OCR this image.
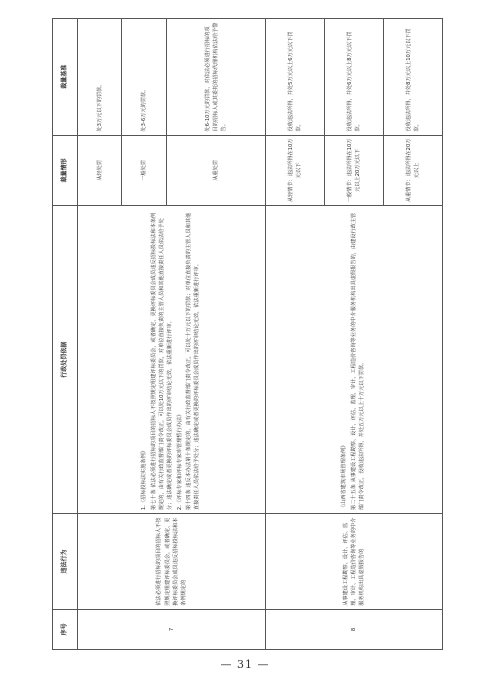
序号	违法行为	行政处罚依据	裁量情形	裁量基准
7	依法必须进行招标的项目的招标人不按照规定组建评标委员会，或者确定、更换评标委员会成员违反招标投标法和本条例规定的	1.《招标投标法实施条例》 第七十条 依法必须进行招标的项目的招标人不按照规定组建评标委员会，或者确定、更换评标委员会成员违反招标投标法和本条例规定的，由有关行政监督部门责令改正，可以处10万元以下的罚款，对单位直接负责的主管人员和其他直接责任人员依法给予处分；违法确定或者更换的评标委员会成员作出的评审结论无效，依法重新进行评审。 2.《评标专家和评标专家库管理暂行办法》 第十四条 违反本办法第十条规定的，由有关行政监督部门责令改正，可以处十万元以下的罚款；对单位直接负责的主管人员和其他直接责任人员依法给予处分；违法确定或者更换的评标委员会成员作出的评审结论无效，依法重新进行评审。	从轻处罚	处3万元以下的罚款。
			一般处罚	处3-6万元的罚款。
			从重处罚	处6-10万元的罚款，对依法必须进行招标的项目的招标人或其委托的招标代理机构依法给予警告。
8	从事建设工程勘察、设计、评估、监理、审计、工程造价咨询等业务的中介服务机构出具虚假报告的	《山西省建筑市场管理条例》 第二十五条 从事建设工程勘察、设计、评估、监理、审计、工程造价咨询等业务的中介服务机构出具虚假报告的，由建设行政主管部门责令改正，没收违法所得，并处五万元以上十万元以下罚款。	从轻情节：违法所得在10万元以下	没收违法所得，并处5万元以上6万元以下罚款。
			一般情节：违法所得在10万元以上20万元以下	没收违法所得，并处6万元以上8万元以下罚款。
			从重情节：违法所得在20万元以上	没收违法所得，并处8万元以上10万元以下罚款。
— 31 —
